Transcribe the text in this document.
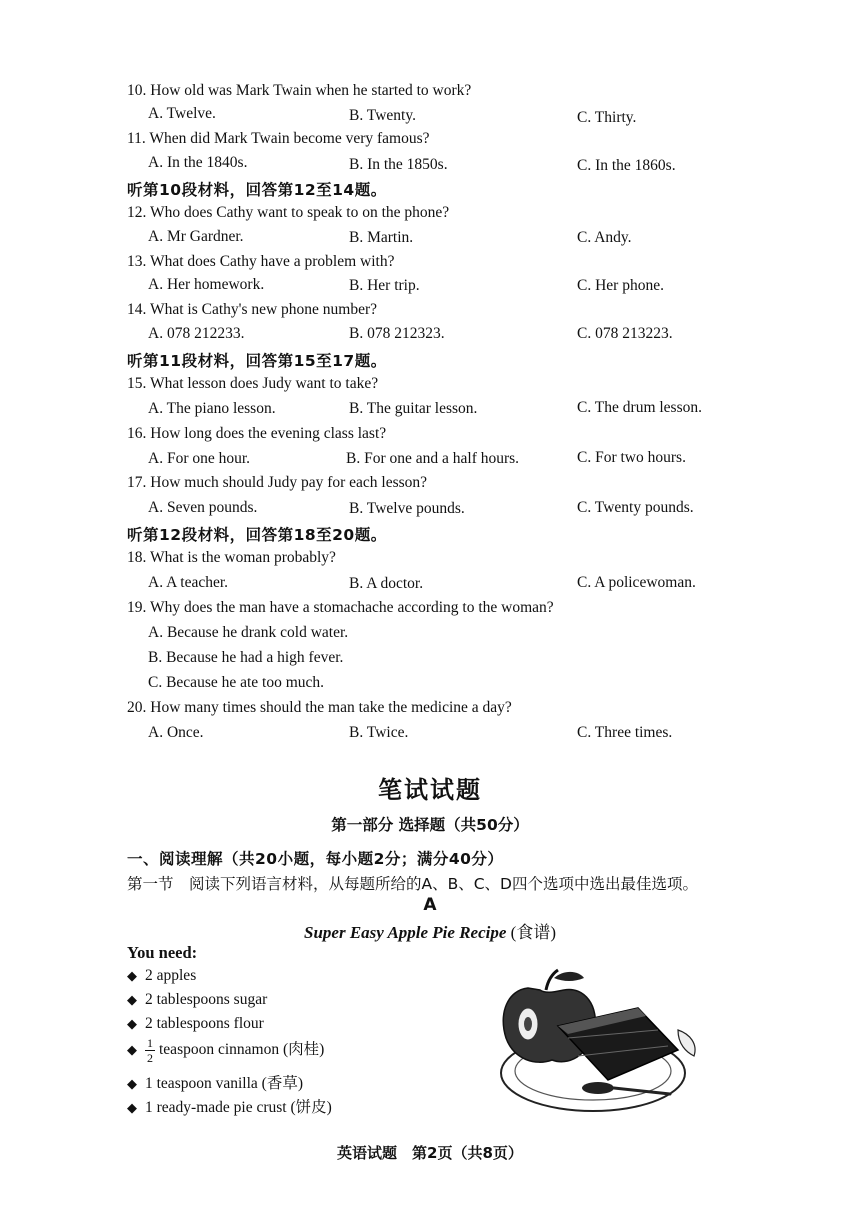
10. How old was Mark Twain when he started to work?
A. Twelve.	B. Twenty.	C. Thirty.
11. When did Mark Twain become very famous?
A. In the 1840s.	B. In the 1850s.	C. In the 1860s.
听第10段材料，回答第12至14题。
12. Who does Cathy want to speak to on the phone?
A. Mr Gardner.	B. Martin.	C. Andy.
13. What does Cathy have a problem with?
A. Her homework.	B. Her trip.	C. Her phone.
14. What is Cathy's new phone number?
A. 078 212233.	B. 078 212323.	C. 078 213223.
听第11段材料，回答第15至17题。
15. What lesson does Judy want to take?
A. The piano lesson.	B. The guitar lesson.	C. The drum lesson.
16. How long does the evening class last?
A. For one hour.	B. For one and a half hours.	C. For two hours.
17. How much should Judy pay for each lesson?
A. Seven pounds.	B. Twelve pounds.	C. Twenty pounds.
听第12段材料，回答第18至20题。
18. What is the woman probably?
A. A teacher.	B. A doctor.	C. A policewoman.
19. Why does the man have a stomachache according to the woman?
A. Because he drank cold water.
B. Because he had a high fever.
C. Because he ate too much.
20. How many times should the man take the medicine a day?
A. Once.	B. Twice.	C. Three times.
笔试试题
第一部分 选择题（共50分）
一、阅读理解（共20小题，每小题2分；满分40分）
第一节　阅读下列语言材料，从每题所给的A、B、C、D四个选项中选出最佳选项。
A
Super Easy Apple Pie Recipe (食谱)
You need:
◆ 2 apples
◆ 2 tablespoons sugar
◆ 2 tablespoons flour
◆ $\frac{1}{2}$ teaspoon cinnamon (肉桂)
◆ 1 teaspoon vanilla (香草)
◆ 1 ready-made pie crust (饼皮)
英语试题　第2页（共8页）
